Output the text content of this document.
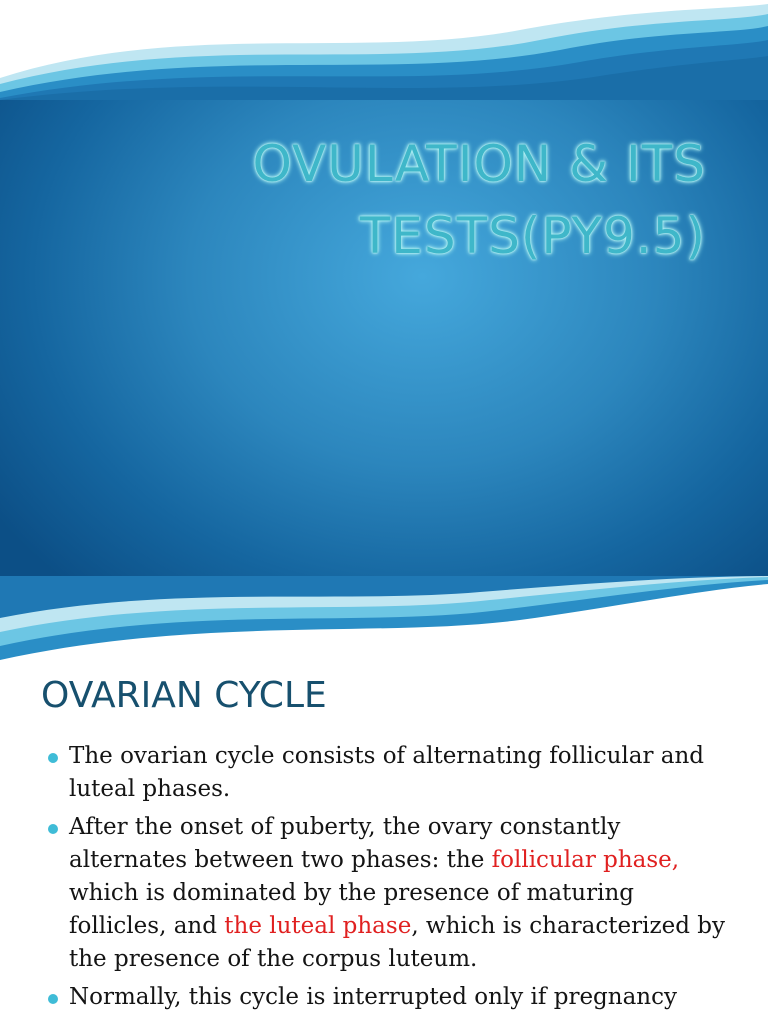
OVULATION & ITS
TESTS(PY9.5)
OVARIAN CYCLE
The ovarian cycle consists of alternating follicular and luteal phases.
After the onset of puberty, the ovary constantly alternates between two phases: the follicular phase, which is dominated by the presence of maturing follicles, and the luteal phase, which is characterized by the presence of the corpus luteum.
Normally, this cycle is interrupted only if pregnancy
